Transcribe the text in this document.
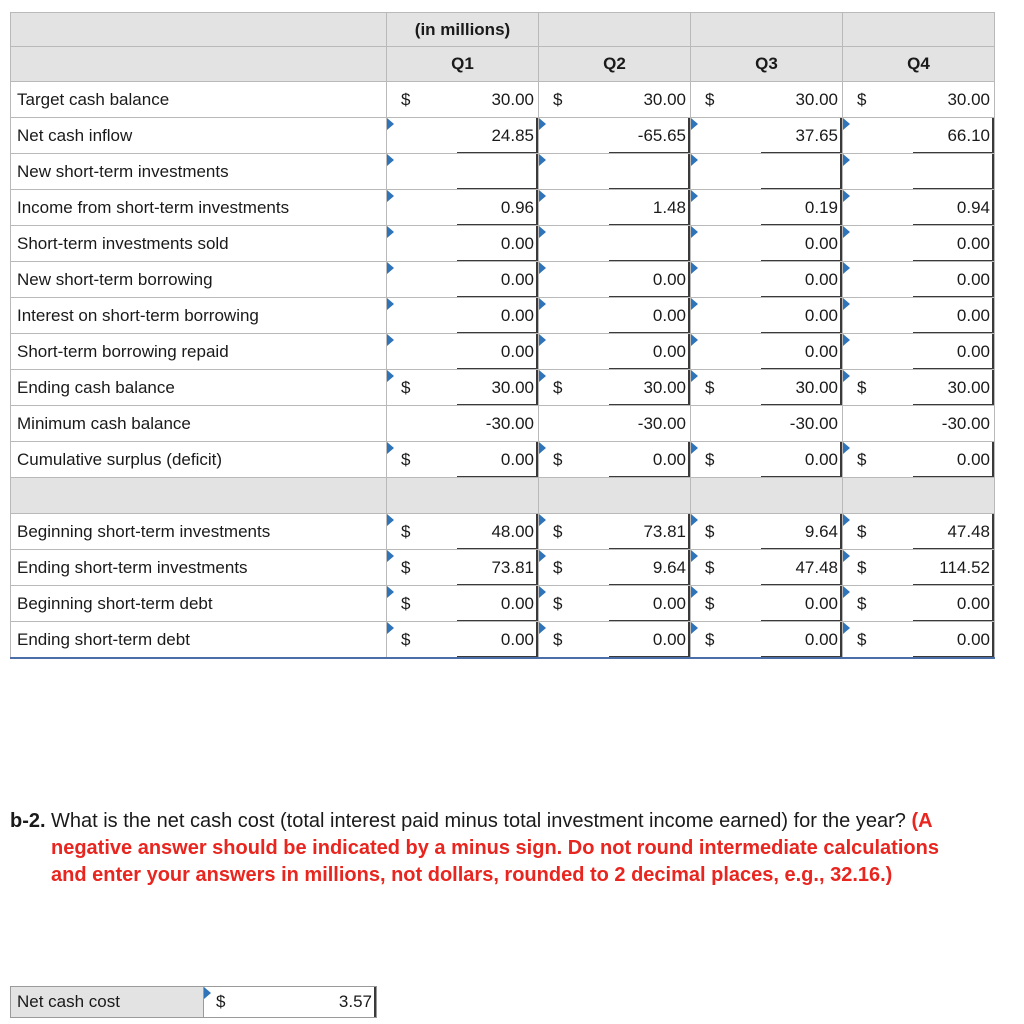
	(in millions)							
	Q1		Q2		Q3		Q4	
Target cash balance	$	30.00	$	30.00	$	30.00	$	30.00
Net cash inflow		24.85		-65.65		37.65		66.10
New short-term investments								
Income from short-term investments		0.96		1.48		0.19		0.94
Short-term investments sold		0.00				0.00		0.00
New short-term borrowing		0.00		0.00		0.00		0.00
Interest on short-term borrowing		0.00		0.00		0.00		0.00
Short-term borrowing repaid		0.00		0.00		0.00		0.00
Ending cash balance	$	30.00	$	30.00	$	30.00	$	30.00
Minimum cash balance		-30.00		-30.00		-30.00		-30.00
Cumulative surplus (deficit)	$	0.00	$	0.00	$	0.00	$	0.00

Beginning short-term investments	$	48.00	$	73.81	$	9.64	$	47.48
Ending short-term investments	$	73.81	$	9.64	$	47.48	$	114.52
Beginning short-term debt	$	0.00	$	0.00	$	0.00	$	0.00
Ending short-term debt	$	0.00	$	0.00	$	0.00	$	0.00
b-2. What is the net cash cost (total interest paid minus total investment income earned) for the year? (A negative answer should be indicated by a minus sign. Do not round intermediate calculations and enter your answers in millions, not dollars, rounded to 2 decimal places, e.g., 32.16.)
Net cash cost	$	3.57
